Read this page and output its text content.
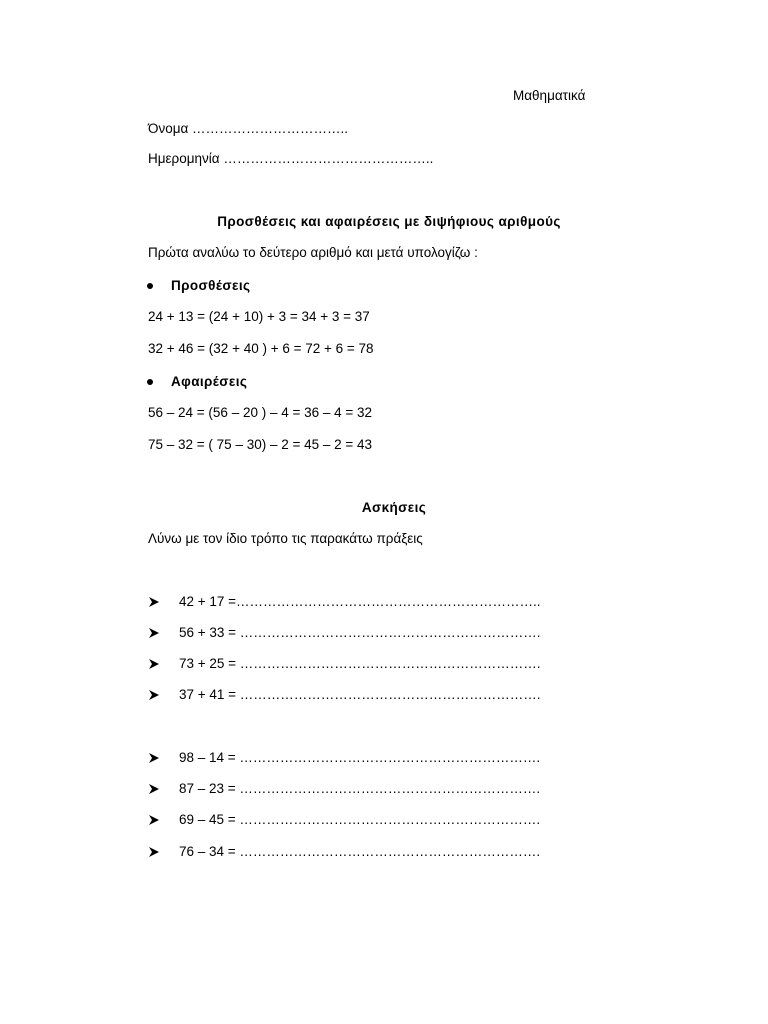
Μαθηματικά
Όνομα ……………………………..
Ημερομηνία ………………………………………..
Προσθέσεις και αφαιρέσεις με διψήφιους αριθμούς
Πρώτα αναλύω το δεύτερο αριθμό και μετά υπολογίζω :
Προσθέσεις
24 + 13 = (24 + 10) + 3 = 34 + 3 = 37
32 + 46 = (32 + 40 ) + 6 = 72 + 6 = 78
Αφαιρέσεις
56 – 24 = (56 – 20 ) – 4 = 36 – 4 = 32
75 – 32 = ( 75 – 30) – 2 = 45 – 2 = 43
Ασκήσεις
Λύνω με τον ίδιο τρόπο τις παρακάτω πράξεις
42 + 17 =…………………………………………………………..
56 + 33 = ………………………………………………………….
73 + 25 = ………………………………………………………….
37 + 41 = ………………………………………………………….
98 – 14 = ………………………………………………………….
87 – 23 = ………………………………………………………….
69 – 45 = ………………………………………………………….
76 – 34 = ………………………………………………………….
